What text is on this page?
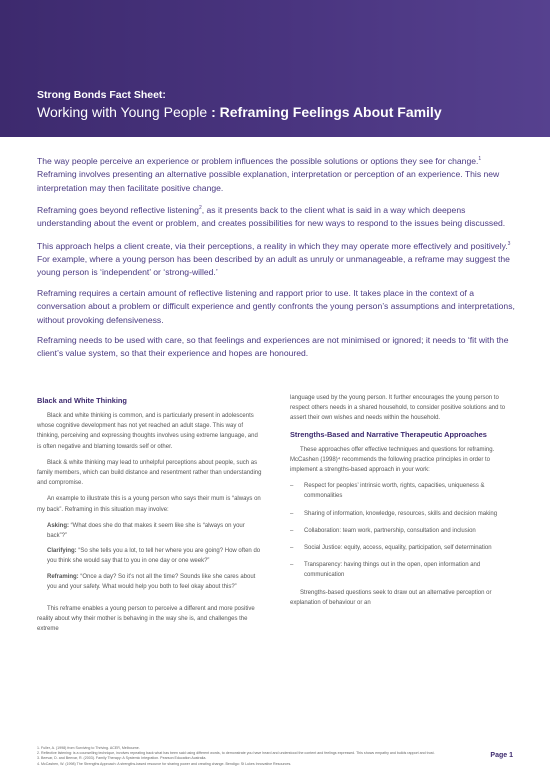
Strong Bonds Fact Sheet:
Working with Young People : Reframing Feelings About Family

The way people perceive an experience or problem influences the possible solutions or options they see for change.$^1$ Reframing involves presenting an alternative possible explanation, interpretation or perception of an experience. This new interpretation may then facilitate positive change.

Reframing goes beyond reflective listening$^2$, as it presents back to the client what is said in a way which deepens understanding about the event or problem, and creates possibilities for new ways to respond to the issues being discussed.

This approach helps a client create, via their perceptions, a reality in which they may operate more effectively and positively.$^3$ For example, where a young person has been described by an adult as unruly or unmanageable, a reframe may suggest the young person is ‘independent’ or ‘strong-willed.’

Reframing requires a certain amount of reflective listening and rapport prior to use. It takes place in the context of a conversation about a problem or difficult experience and gently confronts the young person’s assumptions and interpretations, without provoking defensiveness.

Reframing needs to be used with care, so that feelings and experiences are not minimised or ignored; it needs to ‘fit with the client’s value system, so that their experience and hopes are honoured.

Black and White Thinking

Black and white thinking is common, and is particularly present in adolescents whose cognitive development has not yet reached an adult stage. This way of thinking, perceiving and expressing thoughts involves using extreme language, and is often negative and blaming towards self or other.

Black & white thinking may lead to unhelpful perceptions about people, such as family members, which can build distance and resentment rather than understanding and compromise.

An example to illustrate this is a young person who says their mum is “always on my back”. Reframing in this situation may involve:

Asking: “What does she do that makes it seem like she is “always on your back”?”
Clarifying: “So she tells you a lot, to tell her where you are going? How often do you think she would say that to you in one day or one week?”
Reframing: “Once a day? So it’s not all the time? Sounds like she cares about you and your safety. What would help you both to feel okay about this?”

This reframe enables a young person to perceive a different and more positive reality about why their mother is behaving in the way she is, and challenges the extreme

language used by the young person. It further encourages the young person to respect others needs in a shared household, to consider positive solutions and to assert their own wishes and needs within the household.

Strengths-Based and Narrative Therapeutic Approaches

These approaches offer effective techniques and questions for reframing. McCashen (1998)⁴ recommends the following practice principles in order to implement a strengths-based approach in your work:

– Respect for peoples’ intrinsic worth, rights, capacities, uniqueness & commonalities
– Sharing of information, knowledge, resources, skills and decision making
– Collaboration: team work, partnership, consultation and inclusion
– Social Justice: equity, access, equality, participation, self determination
– Transparency: having things out in the open, open information and communication

Strengths-based questions seek to draw out an alternative perception or explanation of behaviour or an

1. Fuller, A. (1998) from Surviving to Thriving. ACER, Melbourne.
2. Reflective listening: is a counselling technique, involves repeating back what has been said using different words, to demonstrate you have heard and understood the content and feelings expressed. This shows empathy and builds rapport and trust.
3. Beevar, D. and Beevar, R. (2003). Family Therapy: A Systemic Integration. Pearson Education Australia.
4. McCashen, W. (1998) The Strengths Approach: A strengths-based resource for sharing power and creating change. Bendigo: St Lukes Innovative Resources.
Page 1
